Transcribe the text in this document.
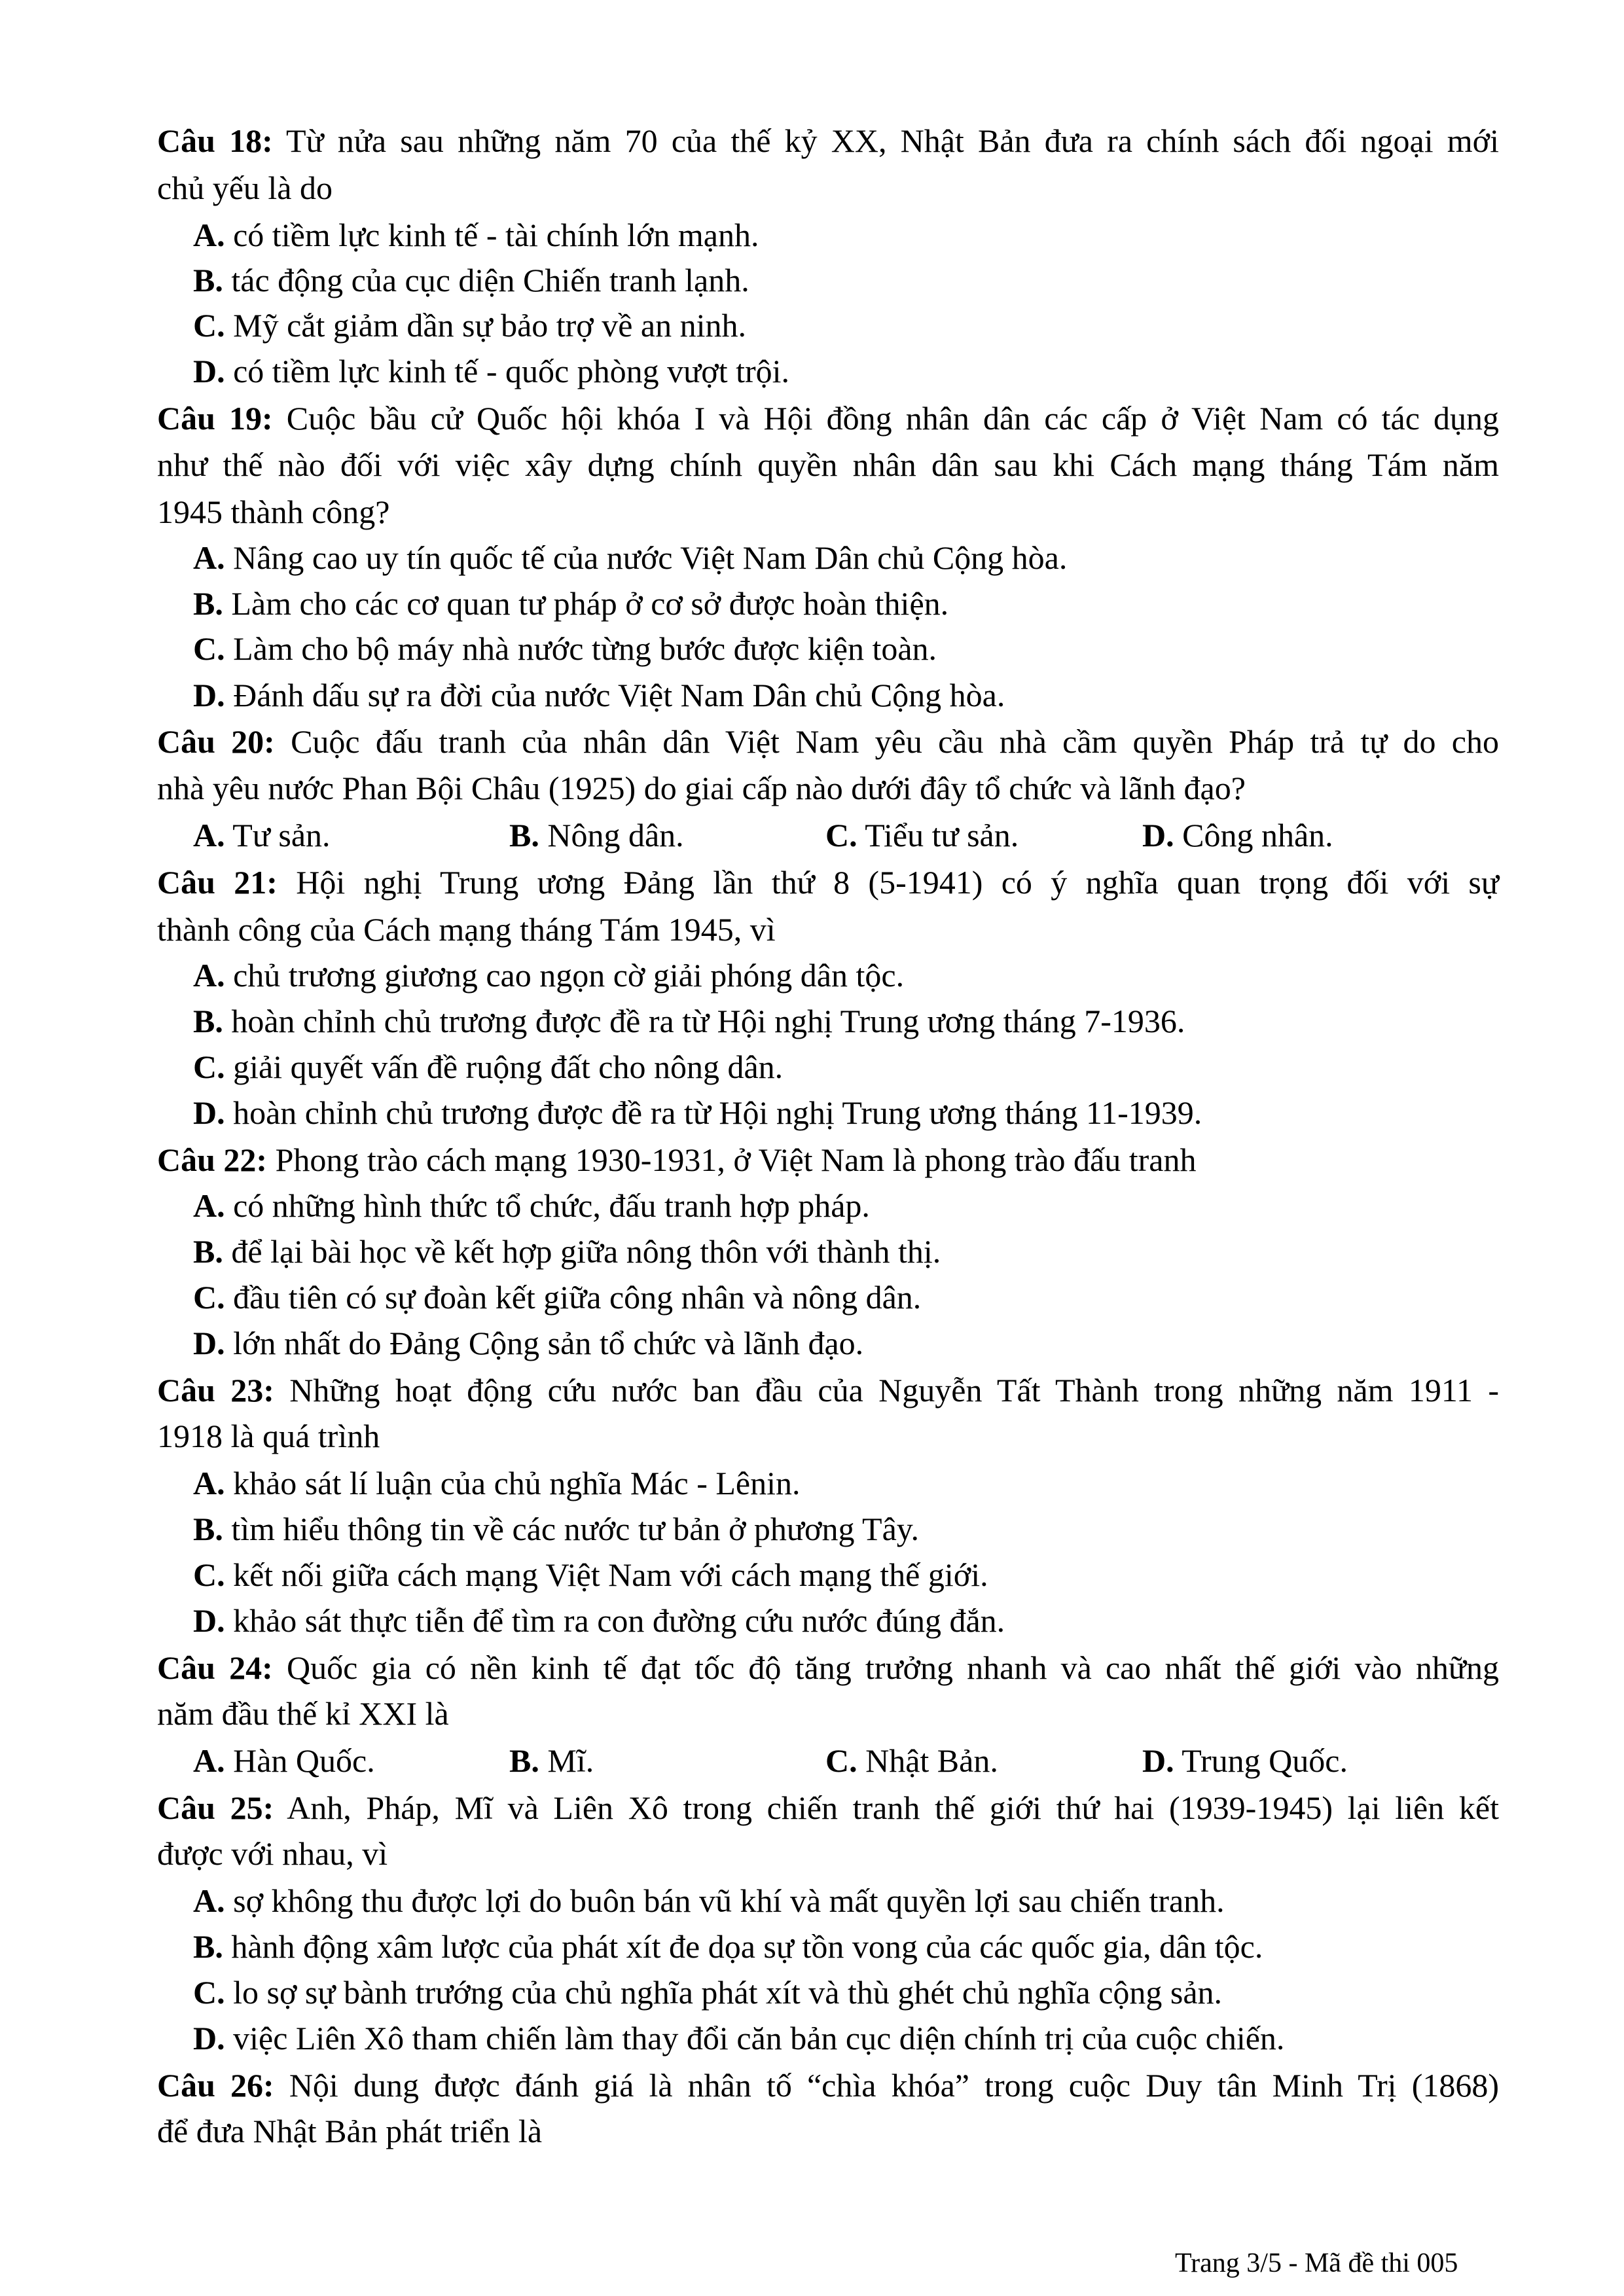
Câu 18: Từ nửa sau những năm 70 của thế kỷ XX, Nhật Bản đưa ra chính sách đối ngoại mới
chủ yếu là do
A. có tiềm lực kinh tế - tài chính lớn mạnh.
B. tác động của cục diện Chiến tranh lạnh.
C. Mỹ cắt giảm dần sự bảo trợ về an ninh.
D. có tiềm lực kinh tế - quốc phòng vượt trội.
Câu 19: Cuộc bầu cử Quốc hội khóa I và Hội đồng nhân dân các cấp ở Việt Nam có tác dụng
như thế nào đối với việc xây dựng chính quyền nhân dân sau khi Cách mạng tháng Tám năm
1945 thành công?
A. Nâng cao uy tín quốc tế của nước Việt Nam Dân chủ Cộng hòa.
B. Làm cho các cơ quan tư pháp ở cơ sở được hoàn thiện.
C. Làm cho bộ máy nhà nước từng bước được kiện toàn.
D. Đánh dấu sự ra đời của nước Việt Nam Dân chủ Cộng hòa.
Câu 20: Cuộc đấu tranh của nhân dân Việt Nam yêu cầu nhà cầm quyền Pháp trả tự do cho
nhà yêu nước Phan Bội Châu (1925) do giai cấp nào dưới đây tổ chức và lãnh đạo?
A. Tư sản.	B. Nông dân.	C. Tiểu tư sản.	D. Công nhân.
Câu 21: Hội nghị Trung ương Đảng lần thứ 8 (5-1941) có ý nghĩa quan trọng đối với sự
thành công của Cách mạng tháng Tám 1945, vì
A. chủ trương giương cao ngọn cờ giải phóng dân tộc.
B. hoàn chỉnh chủ trương được đề ra từ Hội nghị Trung ương tháng 7-1936.
C. giải quyết vấn đề ruộng đất cho nông dân.
D. hoàn chỉnh chủ trương được đề ra từ Hội nghị Trung ương tháng 11-1939.
Câu 22: Phong trào cách mạng 1930-1931, ở Việt Nam là phong trào đấu tranh
A. có những hình thức tổ chức, đấu tranh hợp pháp.
B. để lại bài học về kết hợp giữa nông thôn với thành thị.
C. đầu tiên có sự đoàn kết giữa công nhân và nông dân.
D. lớn nhất do Đảng Cộng sản tổ chức và lãnh đạo.
Câu 23: Những hoạt động cứu nước ban đầu của Nguyễn Tất Thành trong những năm 1911 -
1918 là quá trình
A. khảo sát lí luận của chủ nghĩa Mác - Lênin.
B. tìm hiểu thông tin về các nước tư bản ở phương Tây.
C. kết nối giữa cách mạng Việt Nam với cách mạng thế giới.
D. khảo sát thực tiễn để tìm ra con đường cứu nước đúng đắn.
Câu 24: Quốc gia có nền kinh tế đạt tốc độ tăng trưởng nhanh và cao nhất thế giới vào những
năm đầu thế kỉ XXI là
A. Hàn Quốc.	B. Mĩ.	C. Nhật Bản.	D. Trung Quốc.
Câu 25: Anh, Pháp, Mĩ và Liên Xô trong chiến tranh thế giới thứ hai (1939-1945) lại liên kết
được với nhau, vì
A. sợ không thu được lợi do buôn bán vũ khí và mất quyền lợi sau chiến tranh.
B. hành động xâm lược của phát xít đe dọa sự tồn vong của các quốc gia, dân tộc.
C. lo sợ sự bành trướng của chủ nghĩa phát xít và thù ghét chủ nghĩa cộng sản.
D. việc Liên Xô tham chiến làm thay đổi căn bản cục diện chính trị của cuộc chiến.
Câu 26: Nội dung được đánh giá là nhân tố “chìa khóa” trong cuộc Duy tân Minh Trị (1868)
để đưa Nhật Bản phát triển là
Trang 3/5 - Mã đề thi 005
